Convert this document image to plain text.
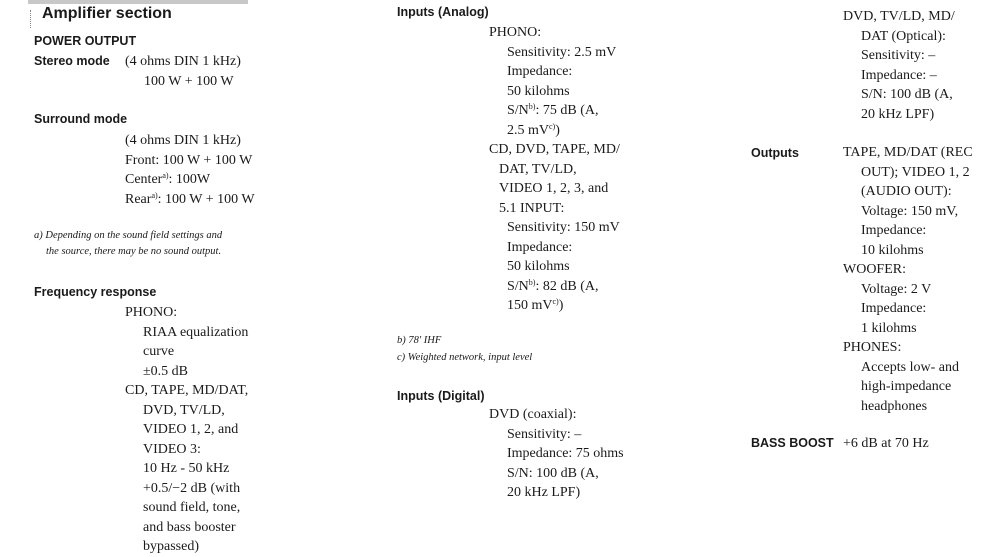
Amplifier section
POWER OUTPUT
Stereo mode (4 ohms DIN 1 kHz)
100 W + 100 W
Surround mode
(4 ohms DIN 1 kHz)
Front: 100 W + 100 W
Center$^{a)}$: 100W
Rear$^{a)}$: 100 W + 100 W
a) Depending on the sound field settings and
the source, there may be no sound output.
Frequency response
PHONO:
RIAA equalization
curve
±0.5 dB
CD, TAPE, MD/DAT,
DVD, TV/LD,
VIDEO 1, 2, and
VIDEO 3:
10 Hz - 50 kHz
+0.5/−2 dB (with
sound field, tone,
and bass booster
bypassed)
Inputs (Analog)
PHONO:
Sensitivity: 2.5 mV
Impedance:
50 kilohms
$S/N^{b)}$: 75 dB (A,
2.5 $mV^{c)}$)
CD, DVD, TAPE, MD/
DAT, TV/LD,
VIDEO 1, 2, 3, and
5.1 INPUT:
Sensitivity: 150 mV
Impedance:
50 kilohms
$S/N^{b)}$: 82 dB (A,
150 $mV^{c)}$)
b) 78' IHF
c) Weighted network, input level
Inputs (Digital)
DVD (coaxial):
Sensitivity: –
Impedance: 75 ohms
S/N: 100 dB (A,
20 kHz LPF)
DVD, TV/LD, MD/
DAT (Optical):
Sensitivity: –
Impedance: –
S/N: 100 dB (A,
20 kHz LPF)
Outputs	TAPE, MD/DAT (REC
OUT); VIDEO 1, 2
(AUDIO OUT):
Voltage: 150 mV,
Impedance:
10 kilohms
WOOFER:
Voltage: 2 V
Impedance:
1 kilohms
PHONES:
Accepts low- and
high-impedance
headphones
BASS BOOST +6 dB at 70 Hz
